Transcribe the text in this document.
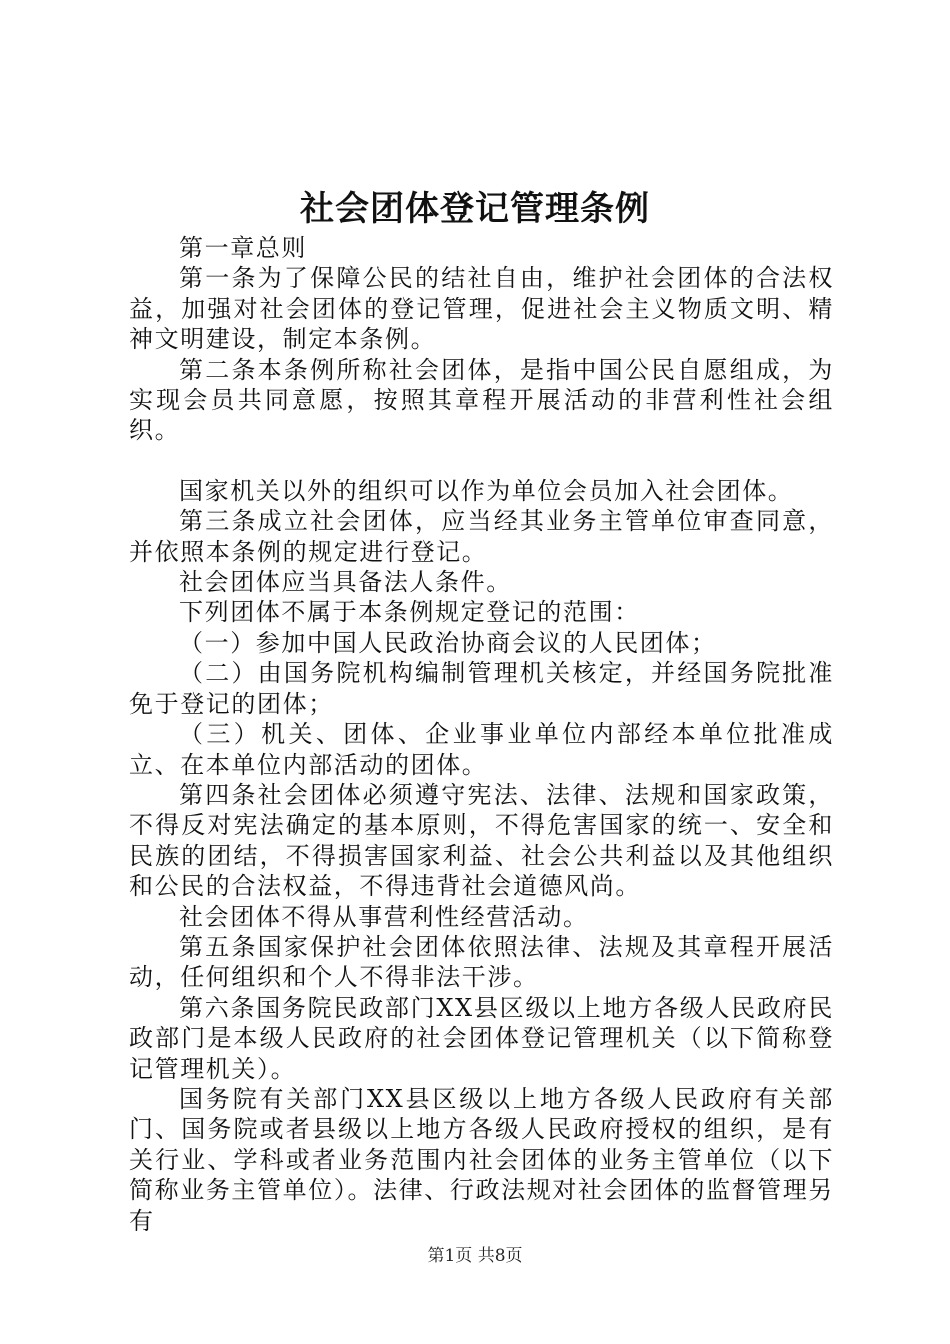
社会团体登记管理条例

第一章总则

第一条为了保障公民的结社自由，维护社会团体的合法权益，加强对社会团体的登记管理，促进社会主义物质文明、精神文明建设，制定本条例。

第二条本条例所称社会团体，是指中国公民自愿组成，为实现会员共同意愿，按照其章程开展活动的非营利性社会组织。

国家机关以外的组织可以作为单位会员加入社会团体。

第三条成立社会团体，应当经其业务主管单位审查同意，并依照本条例的规定进行登记。

社会团体应当具备法人条件。

下列团体不属于本条例规定登记的范围：

（一）参加中国人民政治协商会议的人民团体；

（二）由国务院机构编制管理机关核定，并经国务院批准免于登记的团体；

（三）机关、团体、企业事业单位内部经本单位批准成立、在本单位内部活动的团体。

第四条社会团体必须遵守宪法、法律、法规和国家政策，不得反对宪法确定的基本原则，不得危害国家的统一、安全和民族的团结，不得损害国家利益、社会公共利益以及其他组织和公民的合法权益，不得违背社会道德风尚。

社会团体不得从事营利性经营活动。

第五条国家保护社会团体依照法律、法规及其章程开展活动，任何组织和个人不得非法干涉。

第六条国务院民政部门XX县区级以上地方各级人民政府民政部门是本级人民政府的社会团体登记管理机关（以下简称登记管理机关）。

国务院有关部门XX县区级以上地方各级人民政府有关部门、国务院或者县级以上地方各级人民政府授权的组织，是有关行业、学科或者业务范围内社会团体的业务主管单位（以下简称业务主管单位）。法律、行政法规对社会团体的监督管理另有

第1页 共8页
